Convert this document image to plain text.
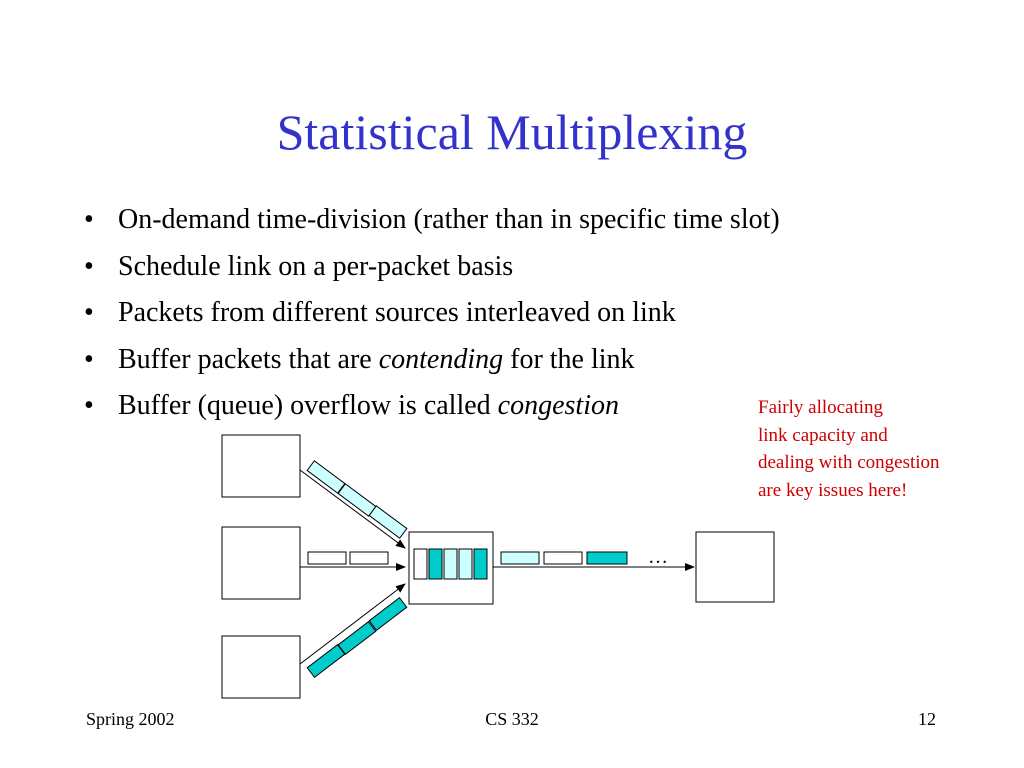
Statistical Multiplexing
• On-demand time-division (rather than in specific time slot)
• Schedule link on a per-packet basis
• Packets from different sources interleaved on link
• Buffer packets that are contending for the link
• Buffer (queue) overflow is called congestion	Fairly allocating
link capacity and
dealing with congestion
are key issues here!
…
Spring 2002	CS 332	12
